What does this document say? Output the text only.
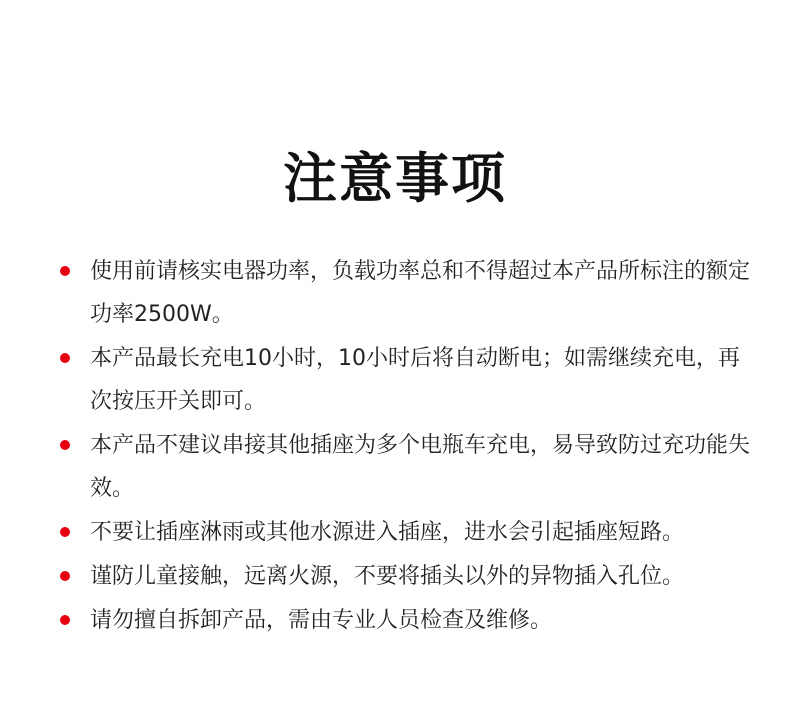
注意事项
使用前请核实电器功率，负载功率总和不得超过本产品所标注的额定功率2500W。
本产品最长充电10小时，10小时后将自动断电；如需继续充电，再次按压开关即可。
本产品不建议串接其他插座为多个电瓶车充电，易导致防过充功能失效。
不要让插座淋雨或其他水源进入插座，进水会引起插座短路。
谨防儿童接触，远离火源，不要将插头以外的异物插入孔位。
请勿擅自拆卸产品，需由专业人员检查及维修。
